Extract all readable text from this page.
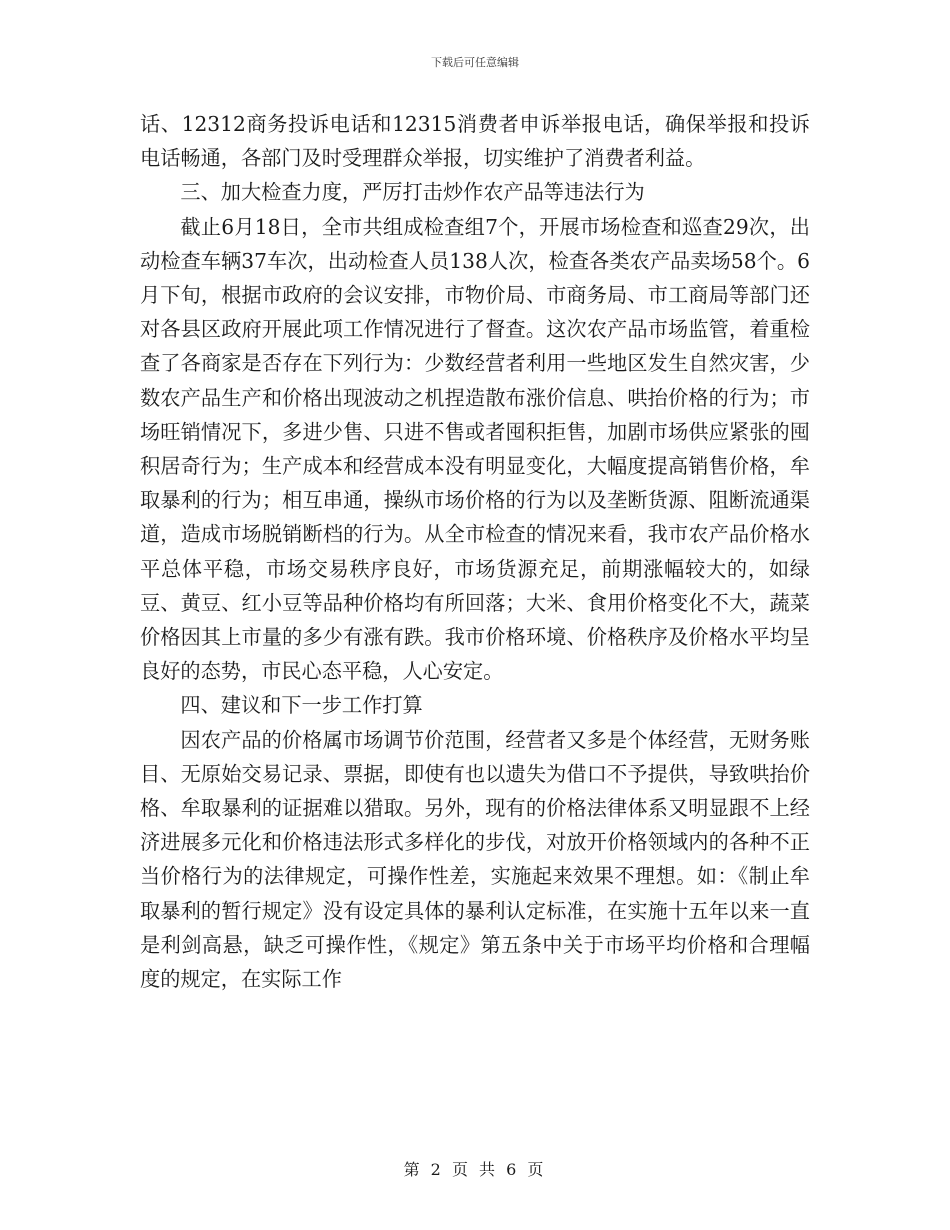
下载后可任意编辑

话、12312商务投诉电话和12315消费者申诉举报电话，确保举报和投诉电话畅通，各部门及时受理群众举报，切实维护了消费者利益。

三、加大检查力度，严厉打击炒作农产品等违法行为

截止6月18日，全市共组成检查组7个，开展市场检查和巡查29次，出动检查车辆37车次，出动检查人员138人次，检查各类农产品卖场58个。6月下旬，根据市政府的会议安排，市物价局、市商务局、市工商局等部门还对各县区政府开展此项工作情况进行了督查。这次农产品市场监管，着重检查了各商家是否存在下列行为：少数经营者利用一些地区发生自然灾害，少数农产品生产和价格出现波动之机捏造散布涨价信息、哄抬价格的行为；市场旺销情况下，多进少售、只进不售或者囤积拒售，加剧市场供应紧张的囤积居奇行为；生产成本和经营成本没有明显变化，大幅度提高销售价格，牟取暴利的行为；相互串通，操纵市场价格的行为以及垄断货源、阻断流通渠道，造成市场脱销断档的行为。从全市检查的情况来看，我市农产品价格水平总体平稳，市场交易秩序良好，市场货源充足，前期涨幅较大的，如绿豆、黄豆、红小豆等品种价格均有所回落；大米、食用价格变化不大，蔬菜价格因其上市量的多少有涨有跌。我市价格环境、价格秩序及价格水平均呈良好的态势，市民心态平稳，人心安定。

四、建议和下一步工作打算

因农产品的价格属市场调节价范围，经营者又多是个体经营，无财务账目、无原始交易记录、票据，即使有也以遗失为借口不予提供，导致哄抬价格、牟取暴利的证据难以猎取。另外，现有的价格法律体系又明显跟不上经济进展多元化和价格违法形式多样化的步伐，对放开价格领域内的各种不正当价格行为的法律规定，可操作性差，实施起来效果不理想。如：《制止牟取暴利的暂行规定》没有设定具体的暴利认定标准，在实施十五年以来一直是利剑高悬，缺乏可操作性，《规定》第五条中关于市场平均价格和合理幅度的规定，在实际工作

第 2 页 共 6 页
